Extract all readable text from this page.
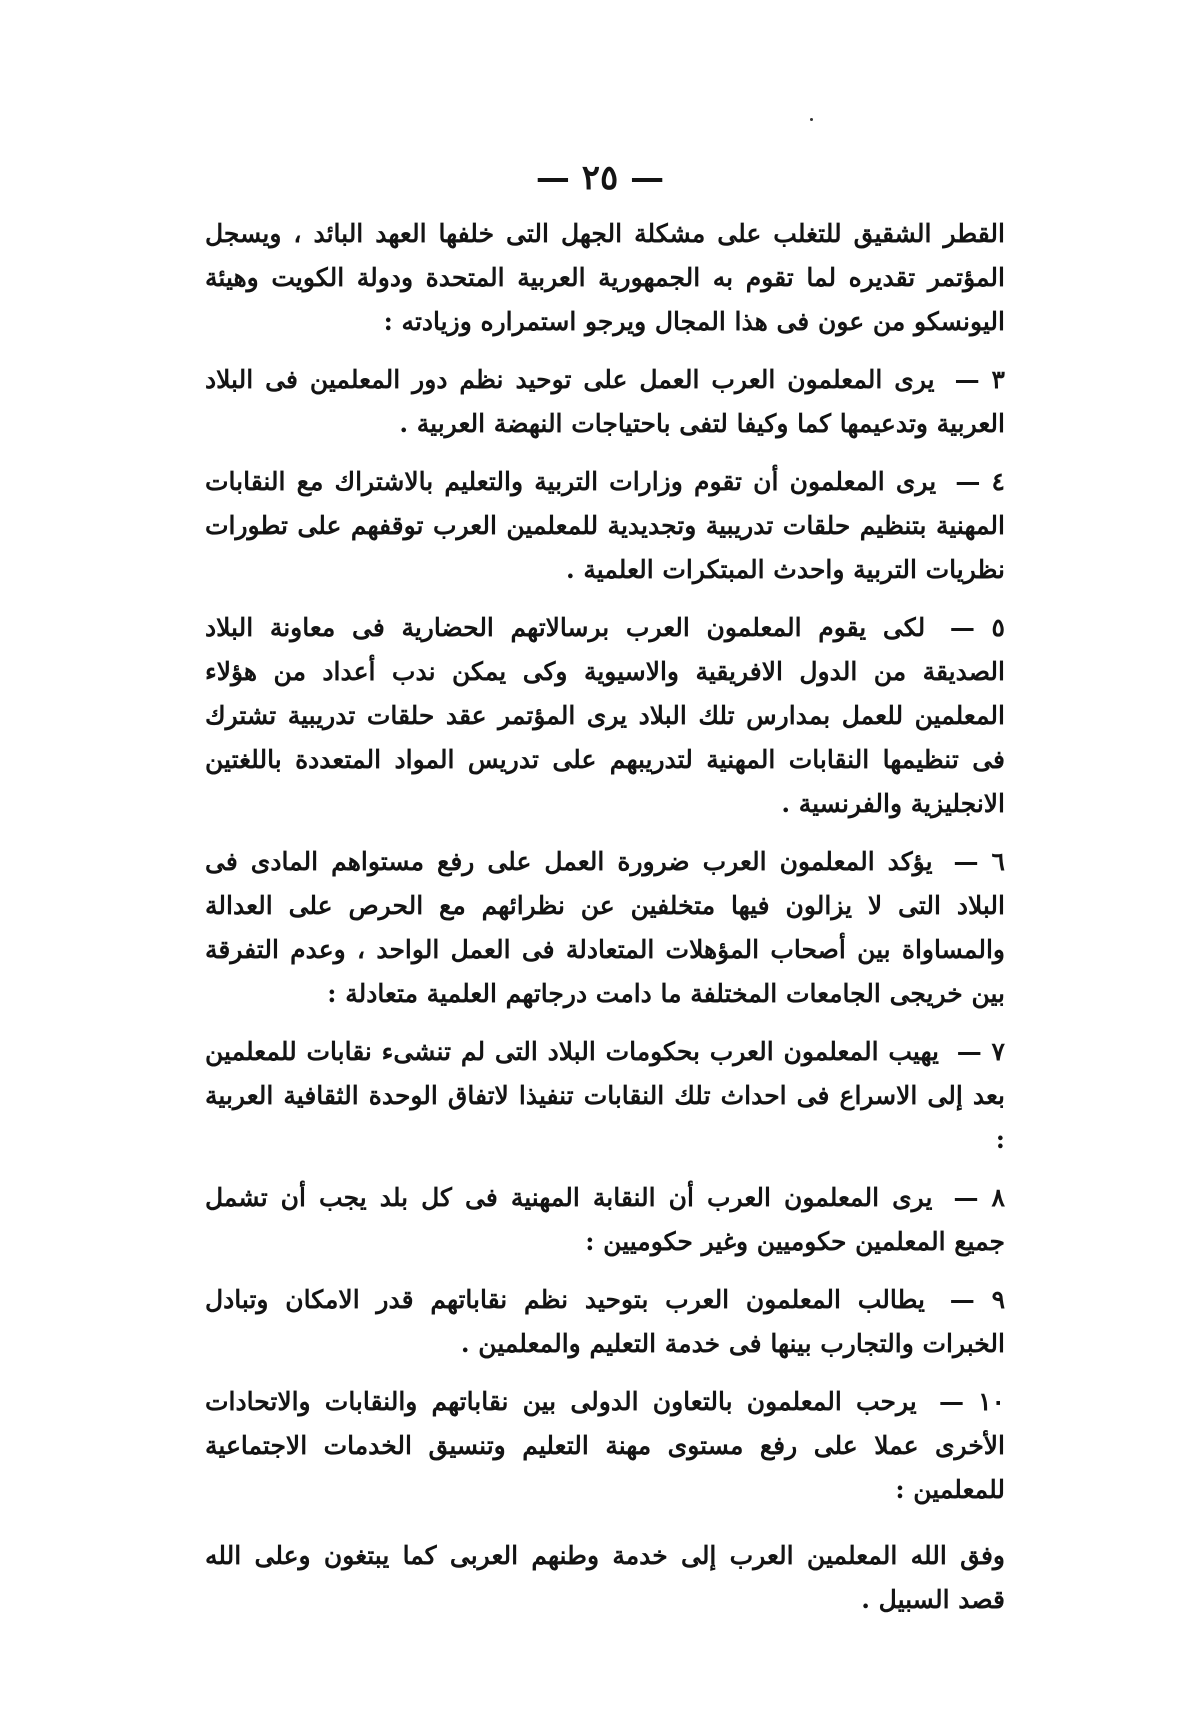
— ٢٥ —

القطر الشقيق للتغلب على مشكلة الجهل التى خلفها العهد البائد ، ويسجل المؤتمر تقديره لما تقوم به الجمهورية العربية المتحدة ودولة الكويت وهيئة اليونسكو من عون فى هذا المجال ويرجو استمراره وزيادته :

٣ — يرى المعلمون العرب العمل على توحيد نظم دور المعلمين فى البلاد العربية وتدعيمها كما وكيفا لتفى باحتياجات النهضة العربية .

٤ — يرى المعلمون أن تقوم وزارات التربية والتعليم بالاشتراك مع النقابات المهنية بتنظيم حلقات تدريبية وتجديدية للمعلمين العرب توقفهم على تطورات نظريات التربية واحدث المبتكرات العلمية .

٥ — لكى يقوم المعلمون العرب برسالاتهم الحضارية فى معاونة البلاد الصديقة من الدول الافريقية والاسيوية وكى يمكن ندب أعداد من هؤلاء المعلمين للعمل بمدارس تلك البلاد يرى المؤتمر عقد حلقات تدريبية تشترك فى تنظيمها النقابات المهنية لتدريبهم على تدريس المواد المتعددة باللغتين الانجليزية والفرنسية .

٦ — يؤكد المعلمون العرب ضرورة العمل على رفع مستواهم المادى فى البلاد التى لا يزالون فيها متخلفين عن نظرائهم مع الحرص على العدالة والمساواة بين أصحاب المؤهلات المتعادلة فى العمل الواحد ، وعدم التفرقة بين خريجى الجامعات المختلفة ما دامت درجاتهم العلمية متعادلة :

٧ — يهيب المعلمون العرب بحكومات البلاد التى لم تنشىء نقابات للمعلمين بعد إلى الاسراع فى احداث تلك النقابات تنفيذا لاتفاق الوحدة الثقافية العربية :

٨ — يرى المعلمون العرب أن النقابة المهنية فى كل بلد يجب أن تشمل جميع المعلمين حكوميين وغير حكوميين :

٩ — يطالب المعلمون العرب بتوحيد نظم نقاباتهم قدر الامكان وتبادل الخبرات والتجارب بينها فى خدمة التعليم والمعلمين .

١٠ — يرحب المعلمون بالتعاون الدولى بين نقاباتهم والنقابات والاتحادات الأخرى عملا على رفع مستوى مهنة التعليم وتنسيق الخدمات الاجتماعية للمعلمين :

وفق الله المعلمين العرب إلى خدمة وطنهم العربى كما يبتغون وعلى الله قصد السبيل .
